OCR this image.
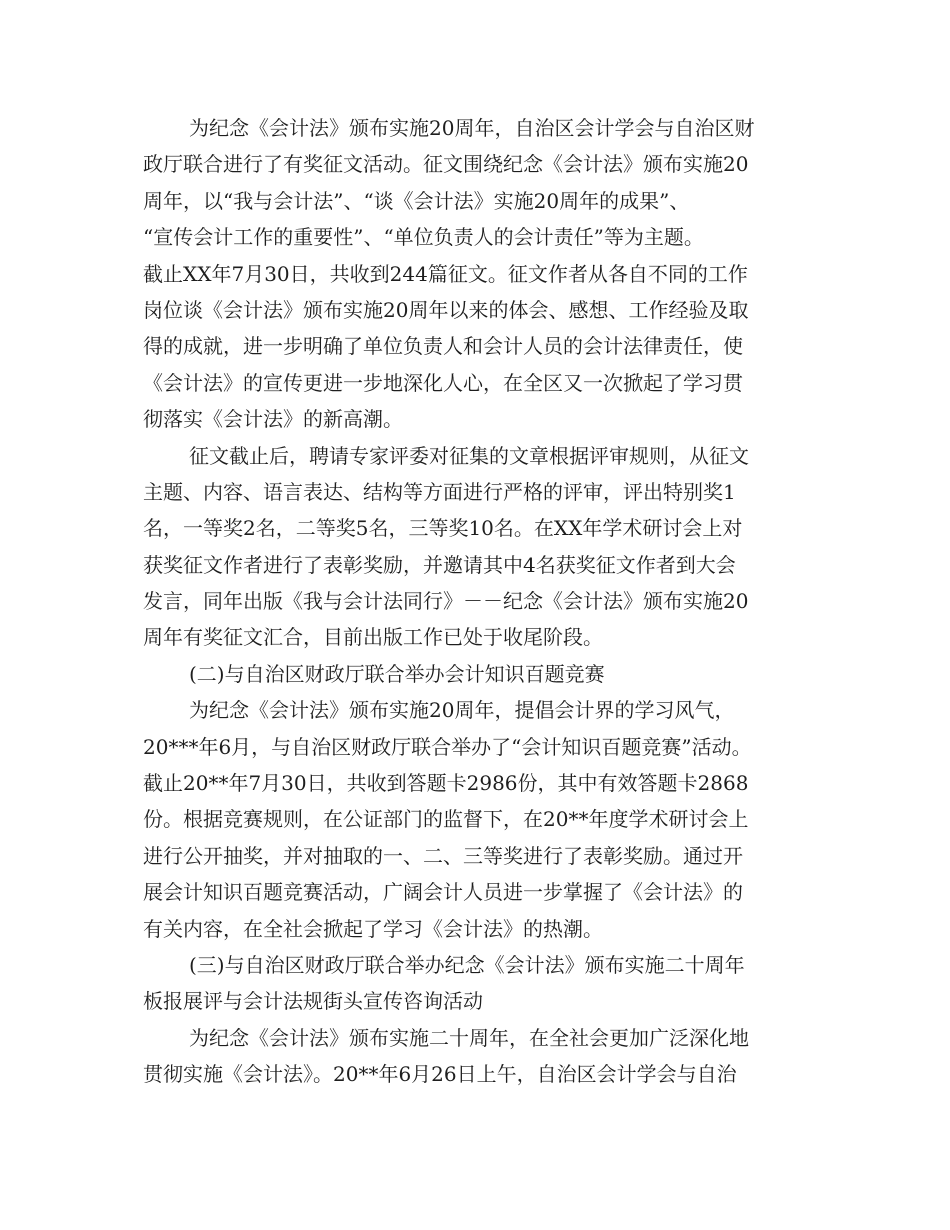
为纪念《会计法》颁布实施20周年，自治区会计学会与自治区财
政厅联合进行了有奖征文活动。征文围绕纪念《会计法》颁布实施20
周年，以“我与会计法”、“谈《会计法》实施20周年的成果”、
“宣传会计工作的重要性”、“单位负责人的会计责任”等为主题。
截止XX年7月30日，共收到244篇征文。征文作者从各自不同的工作
岗位谈《会计法》颁布实施20周年以来的体会、感想、工作经验及取
得的成就，进一步明确了单位负责人和会计人员的会计法律责任，使
《会计法》的宣传更进一步地深化人心，在全区又一次掀起了学习贯
彻落实《会计法》的新高潮。
征文截止后，聘请专家评委对征集的文章根据评审规则，从征文
主题、内容、语言表达、结构等方面进行严格的评审，评出特别奖1
名，一等奖2名，二等奖5名，三等奖10名。在XX年学术研讨会上对
获奖征文作者进行了表彰奖励，并邀请其中4名获奖征文作者到大会
发言，同年出版《我与会计法同行》－－纪念《会计法》颁布实施20
周年有奖征文汇合，目前出版工作已处于收尾阶段。
(二)与自治区财政厅联合举办会计知识百题竞赛
为纪念《会计法》颁布实施20周年，提倡会计界的学习风气，
20***年6月，与自治区财政厅联合举办了“会计知识百题竞赛”活动。
截止20**年7月30日，共收到答题卡2986份，其中有效答题卡2868
份。根据竞赛规则，在公证部门的监督下，在20**年度学术研讨会上
进行公开抽奖，并对抽取的一、二、三等奖进行了表彰奖励。通过开
展会计知识百题竞赛活动，广阔会计人员进一步掌握了《会计法》的
有关内容，在全社会掀起了学习《会计法》的热潮。
(三)与自治区财政厅联合举办纪念《会计法》颁布实施二十周年
板报展评与会计法规街头宣传咨询活动
为纪念《会计法》颁布实施二十周年，在全社会更加广泛深化地
贯彻实施《会计法》。20**年6月26日上午，自治区会计学会与自治
